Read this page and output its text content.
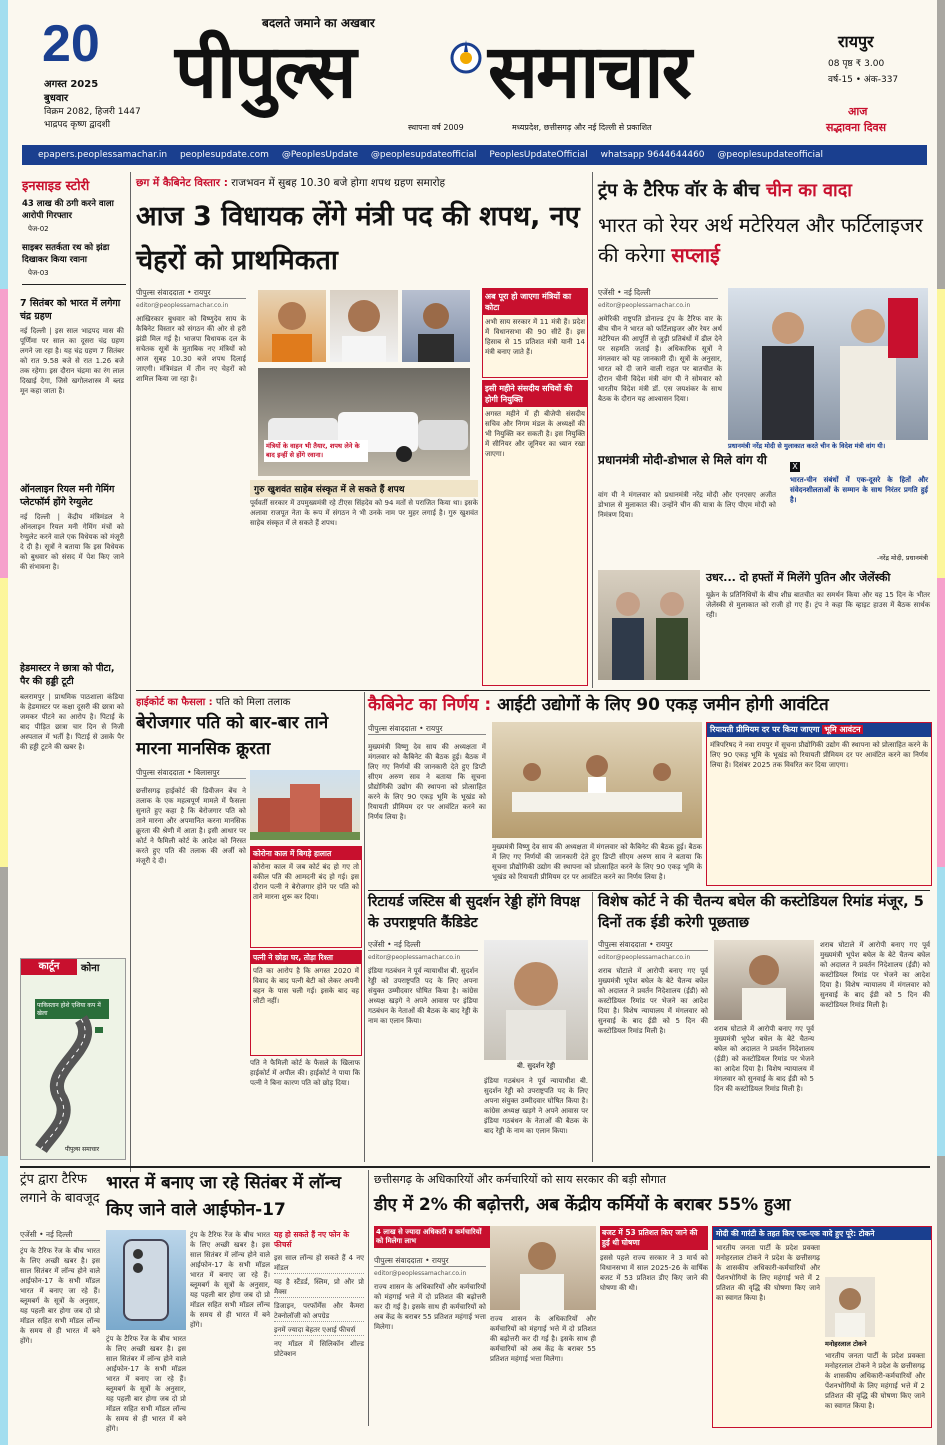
20
अगस्त 2025
बुधवार
विक्रम 2082, हिजरी 1447
भाद्रपद कृष्ण द्वादशी
बदलते जमाने का अखबार
पीपुल्स समाचार
स्थापना वर्ष 2009	मध्यप्रदेश, छत्तीसगढ़ और नई दिल्ली से प्रकाशित
रायपुर
08 पृष्ठ ₹ 3.00
वर्ष-15 • अंक-337
आज
सद्भावना दिवस
epapers.peoplessamachar.in peoplesupdate.com @PeoplesUpdate @peoplesupdateofficial PeoplesUpdateOfficial whatsapp 9644644460 @peoplesupdateofficial
इनसाइड स्टोरी
43 लाख की ठगी करने वाला आरोपी गिरफ्तार
पेज-02
साइबर सतर्कता रथ को झंडा दिखाकर किया रवाना
पेज-03
7 सितंबर को भारत में लगेगा चंद्र ग्रहण
नई दिल्ली | इस साल भाद्रपद मास की पूर्णिमा पर साल का दूसरा चंद्र ग्रहण लगने जा रहा है। यह चंद्र ग्रहण 7 सितंबर को रात 9.58 बजे से रात 1.26 बजे तक रहेगा। इस दौरान चंद्रमा का रंग लाल दिखाई देगा, जिसे खगोलशास्त्र में ब्लड मून कहा जाता है।
ऑनलाइन रियल मनी गेमिंग प्लेटफॉर्म होंगे रेग्युलेट
नई दिल्ली | केंद्रीय मंत्रिमंडल ने ऑनलाइन रियल मनी गेमिंग मंचों को रेग्युलेट करने वाले एक विधेयक को मंजूरी दे दी है। सूत्रों ने बताया कि इस विधेयक को बुधवार को संसद में पेश किए जाने की संभावना है।
हेडमास्टर ने छात्रा को पीटा, पैर की हड्डी टूटी
बलरामपुर | प्राथमिक पाठशाला कंडिया के हेडमास्टर पर कक्षा दूसरी की छात्रा को जमकर पीटने का आरोप है। पिटाई के बाद पीड़ित छात्रा चार दिन से निजी अस्पताल में भर्ती है। पिटाई से उसके पैर की हड्डी टूटने की खबर है।
कार्टून	कोना
पाकिस्तान होशे एशिया कप में खेला
पीपुल्स समाचार
छग में कैबिनेट विस्तार : राजभवन में सुबह 10.30 बजे होगा शपथ ग्रहण समारोह
आज 3 विधायक लेंगे मंत्री पद की शपथ, नए चेहरों को प्राथमिकता
पीपुल्स संवाददाता • रायपुर
editor@peoplessamachar.co.in
आखिरकार बुधवार को विष्णुदेव साय के कैबिनेट विस्तार को संगठन की ओर से हरी झंडी मिल गई है। भाजपा विधायक दल के सचेतक सूत्रों के मुताबिक नए मंत्रियों को आज सुबह 10.30 बजे शपथ दिलाई जाएगी। मंत्रिमंडल में तीन नए चेहरों को शामिल किया जा रहा है।
मंत्रियों के वाहन भी तैयार, शपथ लेने के बाद इन्हीं से होंगे रवाना।
गुरु खुशवंत साहेब संस्कृत में ले सकते हैं शपथ
पूर्ववर्ती सरकार में उपमुख्यमंत्री रहे टीएस सिंहदेव को 94 मतों से पराजित किया था। इसके अलावा राजपूत नेता के रूप में संगठन ने भी उनके नाम पर मुहर लगाई है। गुरु खुशवंत साहेब संस्कृत में ले सकते हैं शपथ।
अब पूरा हो जाएगा मंत्रियों का कोटा
अभी साय सरकार में 11 मंत्री हैं। प्रदेश में विधानसभा की 90 सीटें हैं। इस हिसाब से 15 प्रतिशत मंत्री यानी 14 मंत्री बनाए जाते हैं।
इसी महीने संसदीय सचिवों की होगी नियुक्ति
अगस्त महीने में ही बीजेपी संसदीय सचिव और निगम मंडल के अध्यक्षों की भी नियुक्ति कर सकती है। इस नियुक्ति में सीनियर और जूनियर का ध्यान रखा जाएगा।
ट्रंप के टैरिफ वॉर के बीच चीन का वादा
भारत को रेयर अर्थ मटेरियल और फर्टिलाइजर की करेगा सप्लाई
एजेंसी • नई दिल्ली
editor@peoplessamachar.co.in
अमेरिकी राष्ट्रपति डोनाल्ड ट्रंप के टैरिफ वार के बीच चीन ने भारत को फर्टिलाइजर और रेयर अर्थ मटेरियल की आपूर्ति से जुड़ी प्रतिबंधों में ढील देने पर सहमति जताई है। अधिकारिक सूत्रों ने मंगलवार को यह जानकारी दी। सूत्रों के अनुसार, भारत को दी जाने वाली राहत पर बातचीत के दौरान चीनी विदेश मंत्री वांग यी ने सोमवार को भारतीय विदेश मंत्री डॉ. एस जयशंकर के साथ बैठक के दौरान यह आश्वासन दिया।
प्रधानमंत्री नरेंद्र मोदी से मुलाकात करते चीन के विदेश मंत्री वांग यी।
प्रधानमंत्री मोदी-डोभाल से मिले वांग यी
वांग यी ने मंगलवार को प्रधानमंत्री नरेंद्र मोदी और एनएसए अजीत डोभाल से मुलाकात की। उन्होंने चीन की यात्रा के लिए पीएम मोदी को निमंत्रण दिया।
X
भारत-चीन संबंधों में एक-दूसरे के हितों और संवेदनशीलताओं के सम्मान के साथ निरंतर प्रगति हुई है।
-नरेंद्र मोदी, प्रधानमंत्री
उधर... दो हफ्तों में मिलेंगे पुतिन और जेलेंस्की
यूक्रेन के प्रतिनिधियों के बीच शीघ्र बातचीत का समर्थन किया और यह 15 दिन के भीतर जेलेंस्की से मुलाकात को राजी हो गए हैं। ट्रंप ने कहा कि व्हाइट हाउस में बैठक सार्थक रही।
हाईकोर्ट का फैसला : पति को मिला तलाक
बेरोजगार पति को बार-बार ताने मारना मानसिक क्रूरता
पीपुल्स संवाददाता • बिलासपुर
छत्तीसगढ़ हाईकोर्ट की डिवीजन बेंच ने तलाक के एक महत्वपूर्ण मामले में फैसला सुनाते हुए कहा है कि बेरोजगार पति को ताने मारना और अपमानित करना मानसिक क्रूरता की श्रेणी में आता है। इसी आधार पर कोर्ट ने फैमिली कोर्ट के आदेश को निरस्त करते हुए पति की तलाक की अर्जी को मंजूरी दे दी।
कोरोना काल में बिगड़े हालात
कोरोना काल में जब कोर्ट बंद हो गए तो वकील पति की आमदनी बंद हो गई। इस दौरान पत्नी ने बेरोजगार होने पर पति को ताने मारना शुरू कर दिया।
पत्नी ने छोड़ा घर, तोड़ा रिश्ता
पति का आरोप है कि अगस्त 2020 में विवाद के बाद पत्नी बेटी को लेकर अपनी बहन के पास चली गई। इसके बाद वह लौटी नहीं।
पति ने फैमिली कोर्ट के फैसले के खिलाफ हाईकोर्ट में अपील की। हाईकोर्ट ने पाया कि पत्नी ने बिना कारण पति को छोड़ दिया।
कैबिनेट का निर्णय : आईटी उद्योगों के लिए 90 एकड़ जमीन होगी आवंटित
पीपुल्स संवाददाता • रायपुर
मुख्यमंत्री विष्णु देव साय की अध्यक्षता में मंगलवार को कैबिनेट की बैठक हुई। बैठक में लिए गए निर्णयों की जानकारी देते हुए डिप्टी सीएम अरुण साव ने बताया कि सूचना प्रौद्योगिकी उद्योग की स्थापना को प्रोत्साहित करने के लिए 90 एकड़ भूमि के भूखंड को रियायती प्रीमियम दर पर आवंटित करने का निर्णय लिया है।
मुख्यमंत्री विष्णु देव साय की अध्यक्षता में मंगलवार को कैबिनेट की बैठक हुई। बैठक में लिए गए निर्णयों की जानकारी देते हुए डिप्टी सीएम अरुण साव ने बताया कि सूचना प्रौद्योगिकी उद्योग की स्थापना को प्रोत्साहित करने के लिए 90 एकड़ भूमि के भूखंड को रियायती प्रीमियम दर पर आवंटित करने का निर्णय लिया है।
रियायती प्रीमियम दर पर किया जाएगा भूमि आवंटन
मंत्रिपरिषद ने नवा रायपुर में सूचना प्रौद्योगिकी उद्योग की स्थापना को प्रोत्साहित करने के लिए 90 एकड़ भूमि के भूखंड को रियायती प्रीमियम दर पर आवंटित करने का निर्णय लिया है। दिसंबर 2025 तक विवरित कर दिया जाएगा।
रिटायर्ड जस्टिस बी सुदर्शन रेड्डी होंगे विपक्ष के उपराष्ट्रपति कैंडिडेट
एजेंसी • नई दिल्ली
editor@peoplessamachar.co.in
इंडिया गठबंधन ने पूर्व न्यायाधीश बी. सुदर्शन रेड्डी को उपराष्ट्रपति पद के लिए अपना संयुक्त उम्मीदवार घोषित किया है। कांग्रेस अध्यक्ष खड़गे ने अपने आवास पर इंडिया गठबंधन के नेताओं की बैठक के बाद रेड्डी के नाम का एलान किया।
बी. सुदर्शन रेड्डी
इंडिया गठबंधन ने पूर्व न्यायाधीश बी. सुदर्शन रेड्डी को उपराष्ट्रपति पद के लिए अपना संयुक्त उम्मीदवार घोषित किया है। कांग्रेस अध्यक्ष खड़गे ने अपने आवास पर इंडिया गठबंधन के नेताओं की बैठक के बाद रेड्डी के नाम का एलान किया।
विशेष कोर्ट ने की चैतन्य बघेल की कस्टोडियल रिमांड मंजूर, 5 दिनों तक ईडी करेगी पूछताछ
पीपुल्स संवाददाता • रायपुर
editor@peoplessamachar.co.in
शराब घोटाले में आरोपी बनाए गए पूर्व मुख्यमंत्री भूपेश बघेल के बेटे चैतन्य बघेल को अदालत ने प्रवर्तन निदेशालय (ईडी) को कस्टोडियल रिमांड पर भेजने का आदेश दिया है। विशेष न्यायालय में मंगलवार को सुनवाई के बाद ईडी को 5 दिन की कस्टोडियल रिमांड मिली है।	शराब घोटाले में आरोपी बनाए गए पूर्व मुख्यमंत्री भूपेश बघेल के बेटे चैतन्य बघेल को अदालत ने प्रवर्तन निदेशालय (ईडी) को कस्टोडियल रिमांड पर भेजने का आदेश दिया है। विशेष न्यायालय में मंगलवार को सुनवाई के बाद ईडी को 5 दिन की कस्टोडियल रिमांड मिली है।
शराब घोटाले में आरोपी बनाए गए पूर्व मुख्यमंत्री भूपेश बघेल के बेटे चैतन्य बघेल को अदालत ने प्रवर्तन निदेशालय (ईडी) को कस्टोडियल रिमांड पर भेजने का आदेश दिया है। विशेष न्यायालय में मंगलवार को सुनवाई के बाद ईडी को 5 दिन की कस्टोडियल रिमांड मिली है।
ट्रंप द्वारा टैरिफ लगाने के बावजूद
भारत में बनाए जा रहे सितंबर में लॉन्च किए जाने वाले आईफोन-17
एजेंसी • नई दिल्ली
ट्रंप के टैरिफ रेंज के बीच भारत के लिए अच्छी खबर है। इस साल सितंबर में लॉन्च होने वाले आईफोन-17 के सभी मॉडल भारत में बनाए जा रहे हैं। ब्लूमबर्ग के सूत्रों के अनुसार, यह पहली बार होगा जब दो प्रो मॉडल सहित सभी मॉडल लॉन्च के समय से ही भारत में बने होंगे।	ट्रंप के टैरिफ रेंज के बीच भारत के लिए अच्छी खबर है। इस साल सितंबर में लॉन्च होने वाले आईफोन-17 के सभी मॉडल भारत में बनाए जा रहे हैं। ब्लूमबर्ग के सूत्रों के अनुसार, यह पहली बार होगा जब दो प्रो मॉडल सहित सभी मॉडल लॉन्च के समय से ही भारत में बने होंगे।
ट्रंप के टैरिफ रेंज के बीच भारत के लिए अच्छी खबर है। इस साल सितंबर में लॉन्च होने वाले आईफोन-17 के सभी मॉडल भारत में बनाए जा रहे हैं। ब्लूमबर्ग के सूत्रों के अनुसार, यह पहली बार होगा जब दो प्रो मॉडल सहित सभी मॉडल लॉन्च के समय से ही भारत में बने होंगे।
यह हो सकते हैं नए फोन के फीचर्स
इस साल लॉन्च हो सकते हैं 4 नए मॉडल
यह है स्टैंडर्ड, स्लिम, प्रो और प्रो मैक्स
डिजाइन, परफॉर्मेंस और कैमरा टेक्नोलॉजी को अपग्रेड
इनमें ज्यादा बेहतर एआई फीचर्स
नए मॉडल में सिलिकॉन शील्ड प्रोटेक्शन
छत्तीसगढ़ के अधिकारियों और कर्मचारियों को साय सरकार की बड़ी सौगात
डीए में 2% की बढ़ोत्तरी, अब केंद्रीय कर्मियों के बराबर 55% हुआ
4 लाख से ज्यादा अधिकारी व कर्मचारियों को मिलेगा लाभ
पीपुल्स संवाददाता • रायपुर
editor@peoplessamachar.co.in
राज्य शासन के अधिकारियों और कर्मचारियों को मंहगाई भत्ते में दो प्रतिशत की बढ़ोत्तरी कर दी गई है। इसके साथ ही कर्मचारियों को अब केंद्र के बराबर 55 प्रतिशत महंगाई भत्ता मिलेगा।
राज्य शासन के अधिकारियों और कर्मचारियों को मंहगाई भत्ते में दो प्रतिशत की बढ़ोत्तरी कर दी गई है। इसके साथ ही कर्मचारियों को अब केंद्र के बराबर 55 प्रतिशत महंगाई भत्ता मिलेगा।
बजट में 53 प्रतिशत किए जाने की हुई थी घोषणा
इससे पहले राज्य सरकार ने 3 मार्च को विधानसभा में साल 2025-26 के वार्षिक बजट में 53 प्रतिशत डीए किए जाने की घोषणा की थी।
मोदी की गारंटी के तहत किए एक-एक वादे हुए पूरे: टोकने
भारतीय जनता पार्टी के प्रदेश प्रवक्ता मनोहरलाल टोकने ने प्रदेश के छत्तीसगढ़ के शासकीय अधिकारी-कर्मचारियों और पेंशनभोगियों के लिए महंगाई भत्ते में 2 प्रतिशत की वृद्धि की घोषणा किए जाने का स्वागत किया है।
मनोहरलाल टोकने
भारतीय जनता पार्टी के प्रदेश प्रवक्ता मनोहरलाल टोकने ने प्रदेश के छत्तीसगढ़ के शासकीय अधिकारी-कर्मचारियों और पेंशनभोगियों के लिए महंगाई भत्ते में 2 प्रतिशत की वृद्धि की घोषणा किए जाने का स्वागत किया है।
